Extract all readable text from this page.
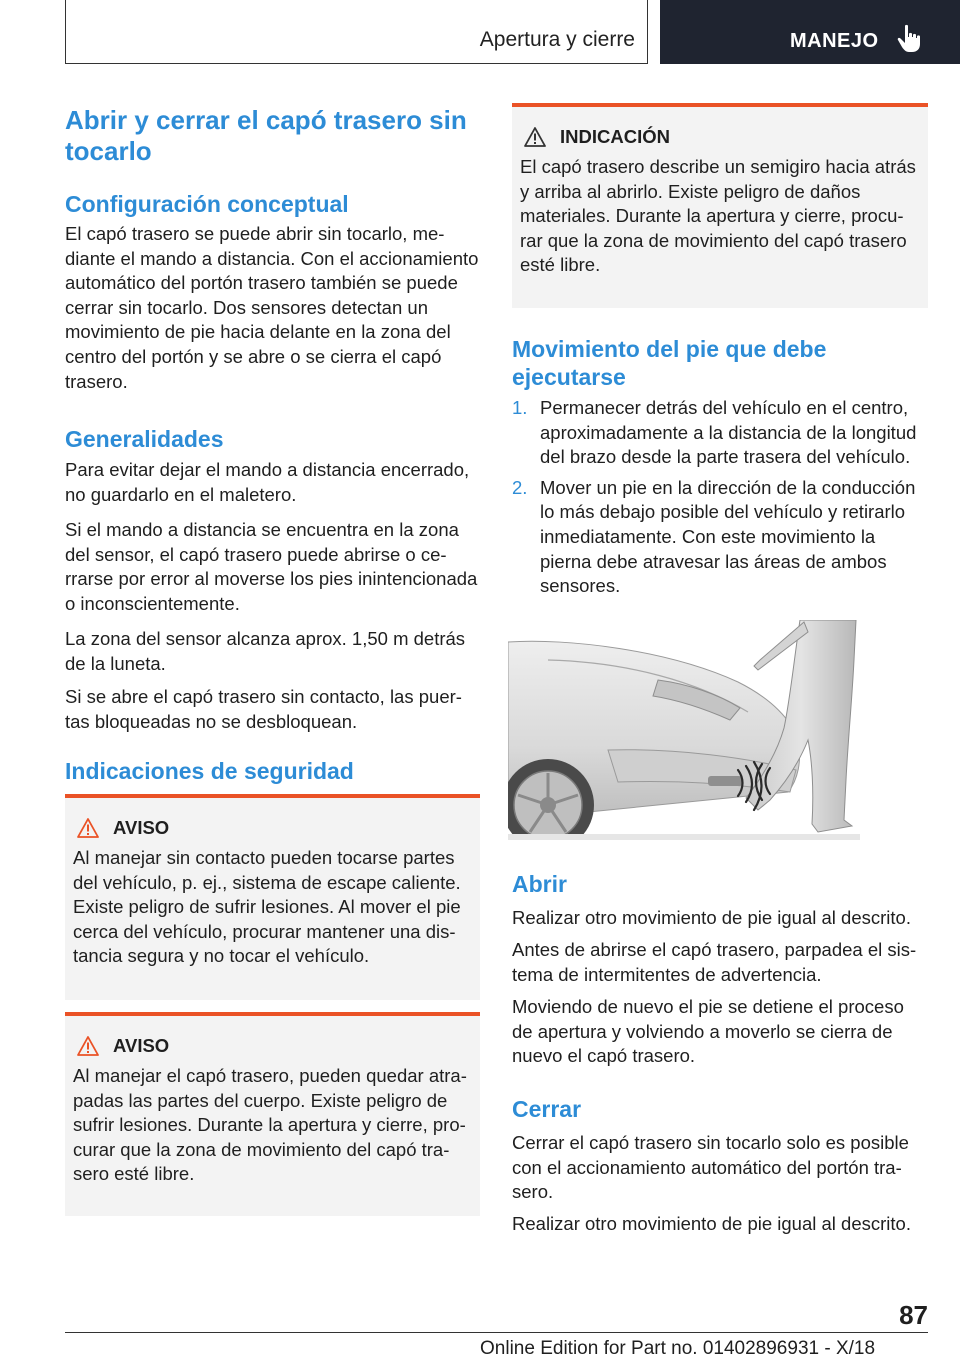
Apertura y cierre	MANEJO
Abrir y cerrar el capó trasero sin tocarlo
Configuración conceptual

El capó trasero se puede abrir sin tocarlo, mediante el mando a distancia. Con el accionamiento automático del portón trasero también se puede cerrar sin tocarlo. Dos sensores detectan un movimiento de pie hacia delante en la zona del centro del portón y se abre o se cierra el capó trasero.

Generalidades

Para evitar dejar el mando a distancia encerrado, no guardarlo en el maletero.

Si el mando a distancia se encuentra en la zona del sensor, el capó trasero puede abrirse o cerrarse por error al moverse los pies inintencionada o inconscientemente.

La zona del sensor alcanza aprox. 1,50 m detrás de la luneta.

Si se abre el capó trasero sin contacto, las puertas bloqueadas no se desbloquean.

Indicaciones de seguridad
AVISO

Al manejar sin contacto pueden tocarse partes del vehículo, p. ej., sistema de escape caliente. Existe peligro de sufrir lesiones. Al mover el pie cerca del vehículo, procurar mantener una distancia segura y no tocar el vehículo.

AVISO

Al manejar el capó trasero, pueden quedar atrapadas las partes del cuerpo. Existe peligro de sufrir lesiones. Durante la apertura y cierre, procurar que la zona de movimiento del capó trasero esté libre.

INDICACIÓN

El capó trasero describe un semigiro hacia atrás y arriba al abrirlo. Existe peligro de daños materiales. Durante la apertura y cierre, procurar que la zona de movimiento del capó trasero esté libre.

Movimiento del pie que debe ejecutarse
1. Permanecer detrás del vehículo en el centro, aproximadamente a la distancia de la longitud del brazo desde la parte trasera del vehículo.
2. Mover un pie en la dirección de la conducción lo más debajo posible del vehículo y retirarlo inmediatamente. Con este movimiento la pierna debe atravesar las áreas de ambos sensores.
Abrir

Realizar otro movimiento de pie igual al descrito.

Antes de abrirse el capó trasero, parpadea el sistema de intermitentes de advertencia.

Moviendo de nuevo el pie se detiene el proceso de apertura y volviendo a moverlo se cierra de nuevo el capó trasero.

Cerrar

Cerrar el capó trasero sin tocarlo solo es posible con el accionamiento automático del portón trasero.

Realizar otro movimiento de pie igual al descrito.

87
Online Edition for Part no. 01402896931 - X/18
